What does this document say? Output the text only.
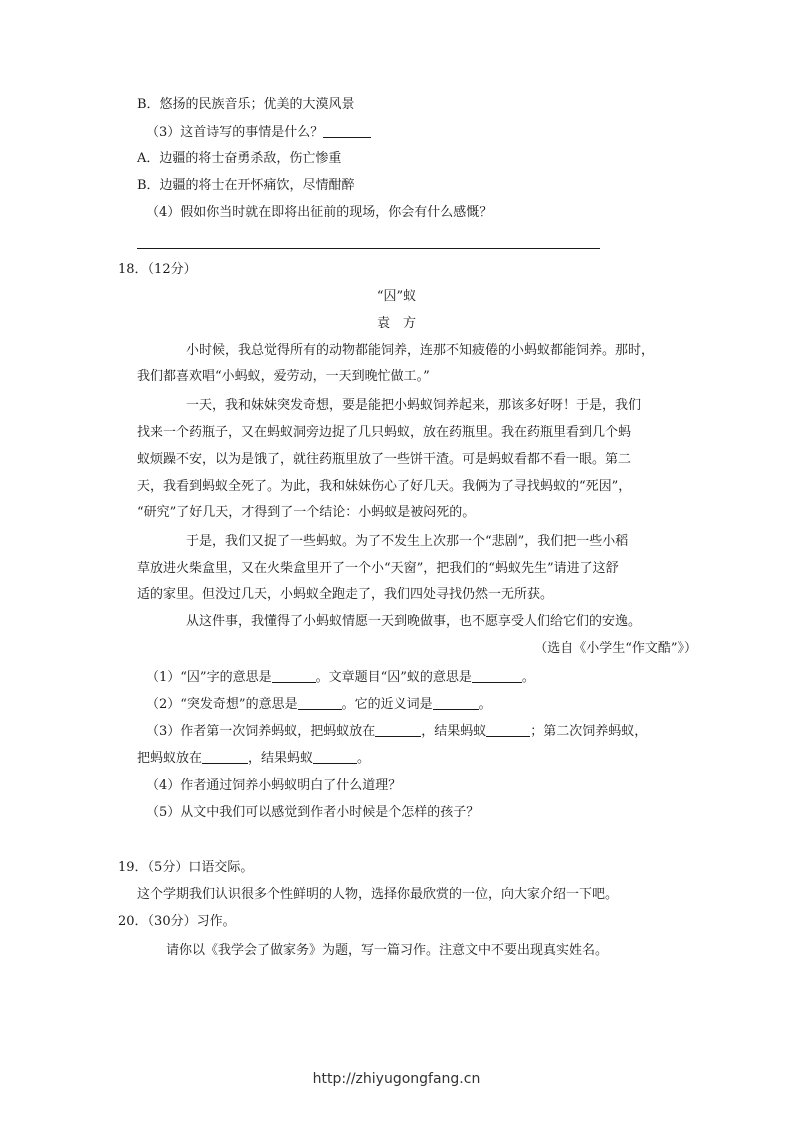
B．悠扬的民族音乐；优美的大漠风景
（3）这首诗写的事情是什么？
A．边疆的将士奋勇杀敌，伤亡惨重
B．边疆的将士在开怀痛饮，尽情酣醉
（4）假如你当时就在即将出征前的现场，你会有什么感慨？
18．（12分）
“囚”蚁
袁　方
小时候，我总觉得所有的动物都能饲养，连那不知疲倦的小蚂蚁都能饲养。那时，
我们都喜欢唱“小蚂蚁，爱劳动，一天到晚忙做工。”
一天，我和妹妹突发奇想，要是能把小蚂蚁饲养起来，那该多好呀！于是，我们
找来一个药瓶子，又在蚂蚁洞旁边捉了几只蚂蚁，放在药瓶里。我在药瓶里看到几个蚂
蚁烦躁不安，以为是饿了，就往药瓶里放了一些饼干渣。可是蚂蚁看都不看一眼。第二
天，我看到蚂蚁全死了。为此，我和妹妹伤心了好几天。我俩为了寻找蚂蚁的“死因”，
“研究”了好几天，才得到了一个结论：小蚂蚁是被闷死的。
于是，我们又捉了一些蚂蚁。为了不发生上次那一个“悲剧”，我们把一些小稻
草放进火柴盒里，又在火柴盒里开了一个小“天窗”，把我们的“蚂蚁先生”请进了这舒
适的家里。但没过几天，小蚂蚁全跑走了，我们四处寻找仍然一无所获。
从这件事，我懂得了小蚂蚁情愿一天到晚做事，也不愿享受人们给它们的安逸。
（选自《小学生“作文酷”》）
（1）“囚”字的意思是	。文章题目“囚”蚁的意思是	。
（2）“突发奇想”的意思是	。它的近义词是	。
（3）作者第一次饲养蚂蚁，把蚂蚁放在	，结果蚂蚁	；第二次饲养蚂蚁，
把蚂蚁放在	，结果蚂蚁	。
（4）作者通过饲养小蚂蚁明白了什么道理？
（5）从文中我们可以感觉到作者小时候是个怎样的孩子？
19．（5分）口语交际。
这个学期我们认识很多个性鲜明的人物，选择你最欣赏的一位，向大家介绍一下吧。
20．（30分）习作。
请你以《我学会了做家务》为题，写一篇习作。注意文中不要出现真实姓名。
http://zhiyugongfang.cn
